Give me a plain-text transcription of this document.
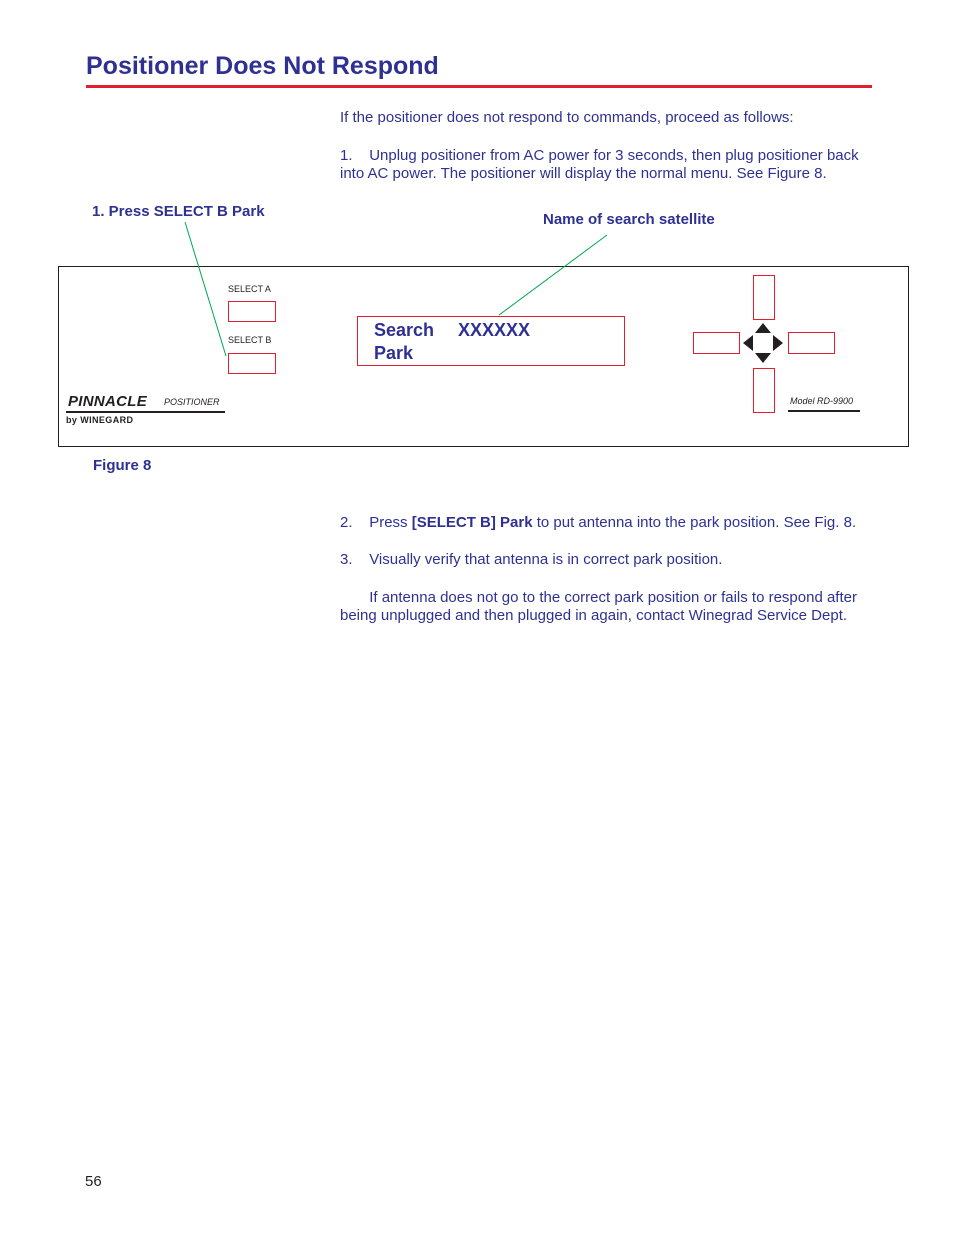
Positioner Does Not Respond
If the positioner does not respond to commands, proceed as follows:
1. Unplug positioner from AC power for 3 seconds, then plug positioner back into AC power. The positioner will display the normal menu. See Figure 8.
1. Press SELECT B Park	Name of search satellite
SELECT A
SELECT B	Search XXXXXX
Park
PINNACLE POSITIONER
by WINEGARD
Model RD-9900
Figure 8
2. Press [SELECT B] Park to put antenna into the park position. See Fig. 8.
3. Visually verify that antenna is in correct park position.
If antenna does not go to the correct park position or fails to respond after being unplugged and then plugged in again, contact Winegrad Service Dept.
56
